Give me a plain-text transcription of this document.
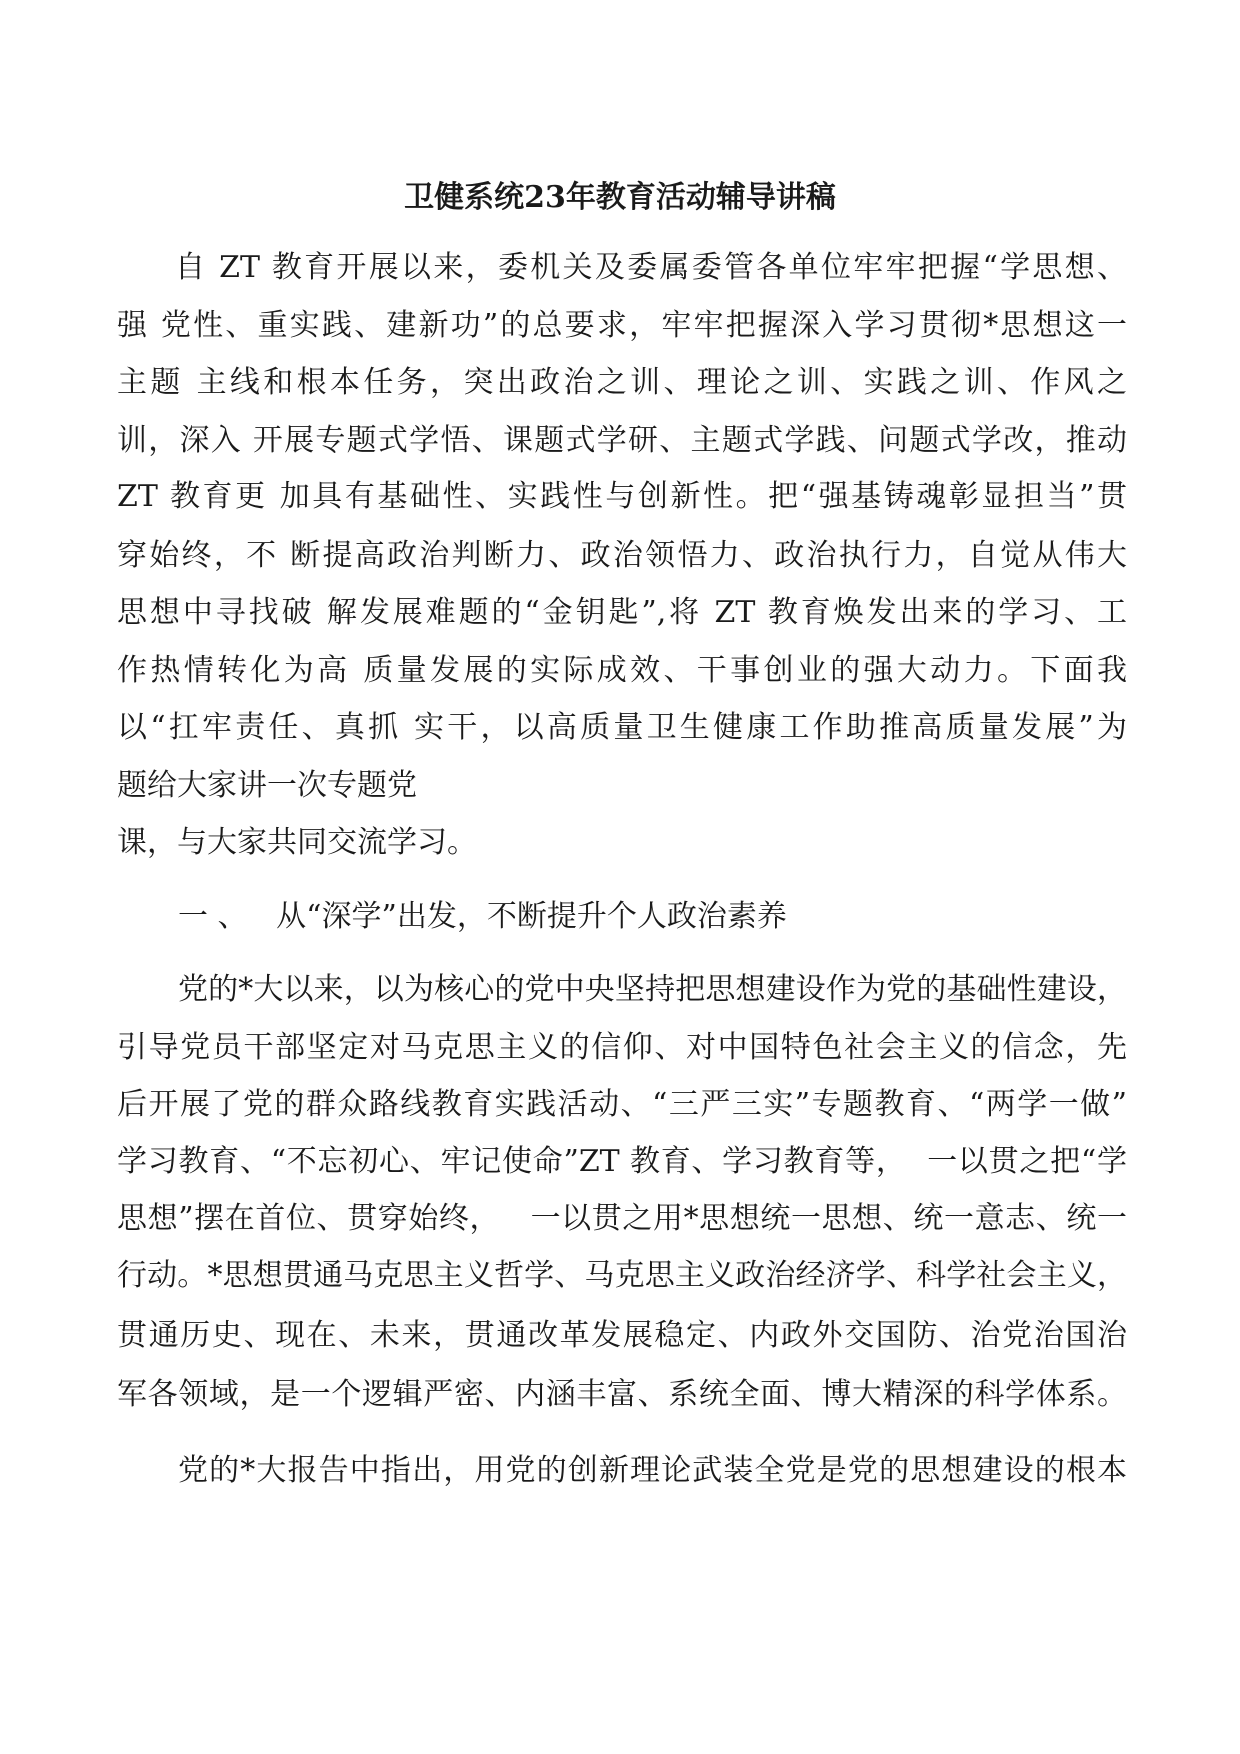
卫健系统23年教育活动辅导讲稿
自 ZT 教育开展以来，委机关及委属委管各单位牢牢把握“学思想、
强 党性、重实践、建新功”的总要求，牢牢把握深入学习贯彻*思想这一
主题 主线和根本任务，突出政治之训、理论之训、实践之训、作风之
训，深入 开展专题式学悟、课题式学研、主题式学践、问题式学改，推动
ZT 教育更 加具有基础性、实践性与创新性。把“强基铸魂彰显担当”贯
穿始终，不 断提高政治判断力、政治领悟力、政治执行力，自觉从伟大
思想中寻找破 解发展难题的“金钥匙”,将 ZT 教育焕发出来的学习、工
作热情转化为高 质量发展的实际成效、干事创业的强大动力。下面我
以“扛牢责任、真抓 实干，以高质量卫生健康工作助推高质量发展”为
题给大家讲一次专题党
课，与大家共同交流学习。
一 、   从“深学”出发，不断提升个人政治素养
党的*大以来，以为核心的党中央坚持把思想建设作为党的基础性建设，
引导党员干部坚定对马克思主义的信仰、对中国特色社会主义的信念，先
后开展了党的群众路线教育实践活动、“三严三实”专题教育、“两学一做”
学习教育、“不忘初心、牢记使命”ZT 教育、学习教育等，  一以贯之把“学
思想”摆在首位、贯穿始终，   一以贯之用*思想统一思想、统一意志、统一
行动。*思想贯通马克思主义哲学、马克思主义政治经济学、科学社会主义，
贯通历史、现在、未来，贯通改革发展稳定、内政外交国防、治党治国治
军各领域，是一个逻辑严密、内涵丰富、系统全面、博大精深的科学体系。
党的*大报告中指出，用党的创新理论武装全党是党的思想建设的根本
